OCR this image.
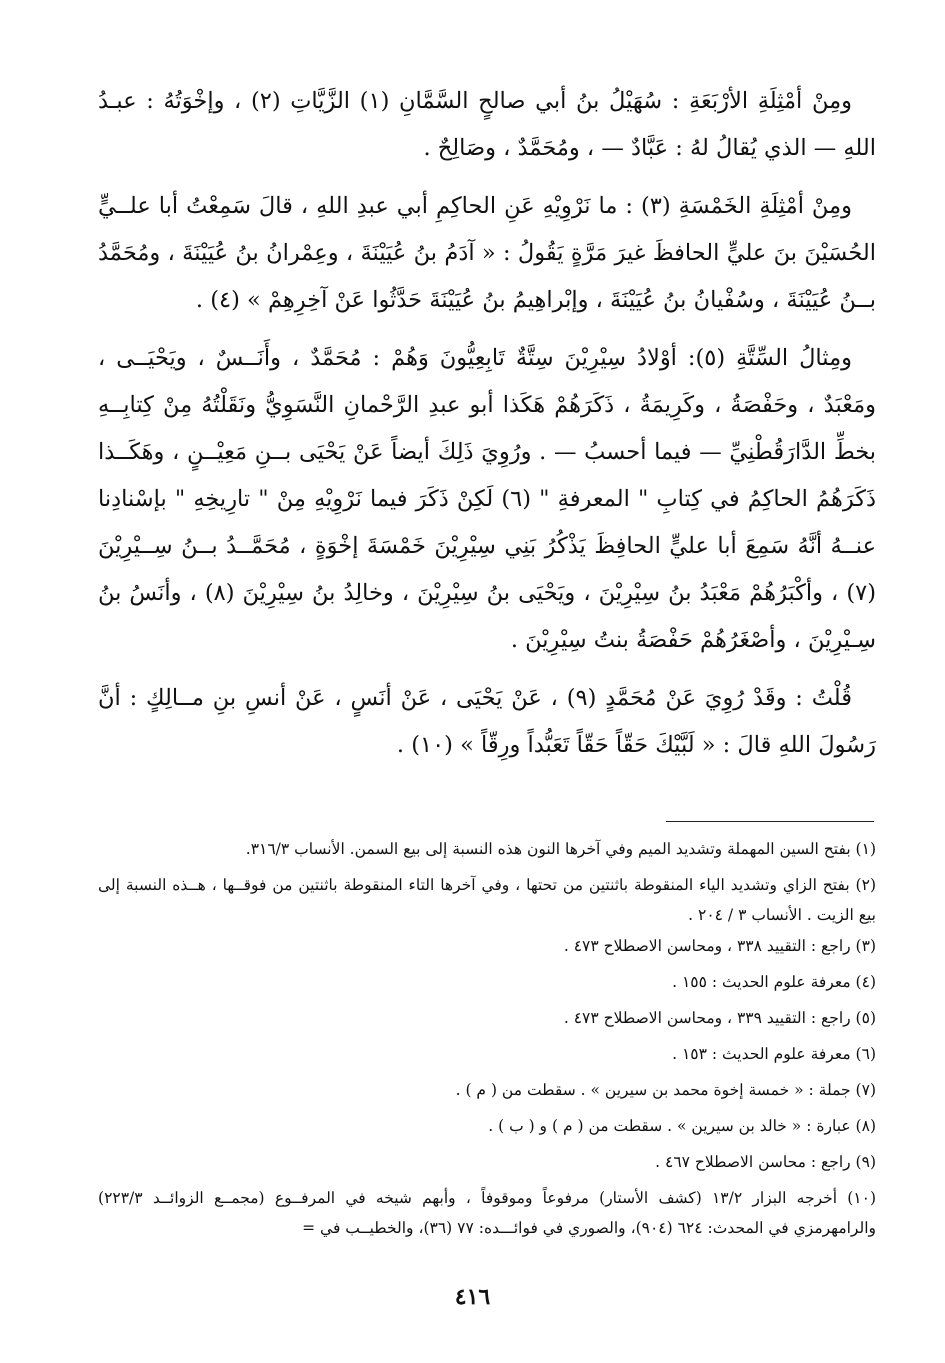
ومِنْ أمْثِلَةِ الأرْبَعَةِ : سُهَيْلُ بنُ أبي صالحٍ السَّمَّانِ (١) الزَّيَّاتِ (٢) ، وإخْوَتُهُ : عبـدُ اللهِ — الذي يُقالُ لهُ : عَبَّادٌ — ، ومُحَمَّدٌ ، وصَالِحٌ .

ومِنْ أمْثِلَةِ الخَمْسَةِ (٣) : ما نَرْوِيْهِ عَنِ الحاكِمِ أبي عبدِ اللهِ ، قالَ سَمِعْتُ أبا علــيٍّ الحُسَيْنَ بنَ عليٍّ الحافظَ غيرَ مَرَّةٍ يَقُولُ : « آدَمُ بنُ عُيَيْنَةَ ، وعِمْرانُ بنُ عُيَيْنَةَ ، ومُحَمَّدُ بــنُ عُيَيْنَةَ ، وسُفْيانُ بنُ عُيَيْنَةَ ، وإبْراهِيمُ بنُ عُيَيْنَةَ حَدَّثُوا عَنْ آخِرِهِمْ » (٤) .

ومِثالُ السِّتَّةِ (٥): أوْلادُ سِيْرِيْنَ سِتَّةٌ تَابِعِيُّونَ وَهُمْ : مُحَمَّدٌ ، وأَنَــسٌ ، ويَحْيَــى ، ومَعْبَدٌ ، وحَفْصَةُ ، وكَرِيمَةُ ، ذَكَرَهُمْ هَكَذا أبو عبدِ الرَّحْمانِ النَّسَوِيُّ ونَقَلْتُهُ مِنْ كِتابِــهِ بخطِّ الدَّارَقُطْنِيِّ — فيما أحسبُ — . ورُوِيَ ذَلِكَ أيضاً عَنْ يَحْيَى بــنِ مَعِيْــنٍ ، وهَكَــذا ذَكَرَهُمُ الحاكِمُ في كِتابِ " المعرفةِ " (٦) لَكِنْ ذَكَرَ فيما نَرْوِيْهِ مِنْ " تارِيخِهِ " بإسْنادِنا عنــهُ أنَّهُ سَمِعَ أبا عليٍّ الحافِظَ يَذْكُرُ بَنِي سِيْرِيْنَ خَمْسَةَ إخْوَةٍ ، مُحَمَّــدُ بــنُ سِــيْرِيْنَ (٧) ، وأكْبَرُهُمْ مَعْبَدُ بنُ سِيْرِيْنَ ، ويَحْيَى بنُ سِيْرِيْنَ ، وخالِدُ بنُ سِيْرِيْنَ (٨) ، وأنَسُ بنُ سِـيْرِيْنَ ، وأصْغَرُهُمْ حَفْصَةُ بنتُ سِيْرِيْنَ .

قُلْتُ : وقَدْ رُوِيَ عَنْ مُحَمَّدٍ (٩) ، عَنْ يَحْيَى ، عَنْ أنَسٍ ، عَنْ أنسِ بنِ مــالِكٍ : أنَّ رَسُولَ اللهِ قالَ : « لَبَّيْكَ حَقّاً حَقّاً تَعَبُّداً ورِقّاً » (١٠) .

(١) بفتح السين المهملة وتشديد الميم وفي آخرها النون هذه النسبة إلى بيع السمن. الأنساب ٣١٦/٣.

(٢) بفتح الزاي وتشديد الياء المنقوطة باثنتين من تحتها ، وفي آخرها التاء المنقوطة باثنتين من فوقــها ، هــذه النسبة إلى بيع الزيت . الأنساب ٣ / ٢٠٤ .

(٣) راجع : التقييد ٣٣٨ ، ومحاسن الاصطلاح ٤٧٣ .

(٤) معرفة علوم الحديث : ١٥٥ .

(٥) راجع : التقييد ٣٣٩ ، ومحاسن الاصطلاح ٤٧٣ .

(٦) معرفة علوم الحديث : ١٥٣ .

(٧) جملة : « خمسة إخوة محمد بن سيرين » . سقطت من ( م ) .

(٨) عبارة : « خالد بن سيرين » . سقطت من ( م ) و ( ب ) .

(٩) راجع : محاسن الاصطلاح ٤٦٧ .

(١٠) أخرجه البزار ١٣/٢ (كشف الأستار) مرفوعاً وموقوفاً ، وأبهم شيخه في المرفــوع (مجمــع الزوائــد ٢٢٣/٣) والرامهرمزي في المحدث: ٦٢٤ (٩٠٤)، والصوري في فوائـــده: ٧٧ (٣٦)، والخطيــب في =

٤١٦
